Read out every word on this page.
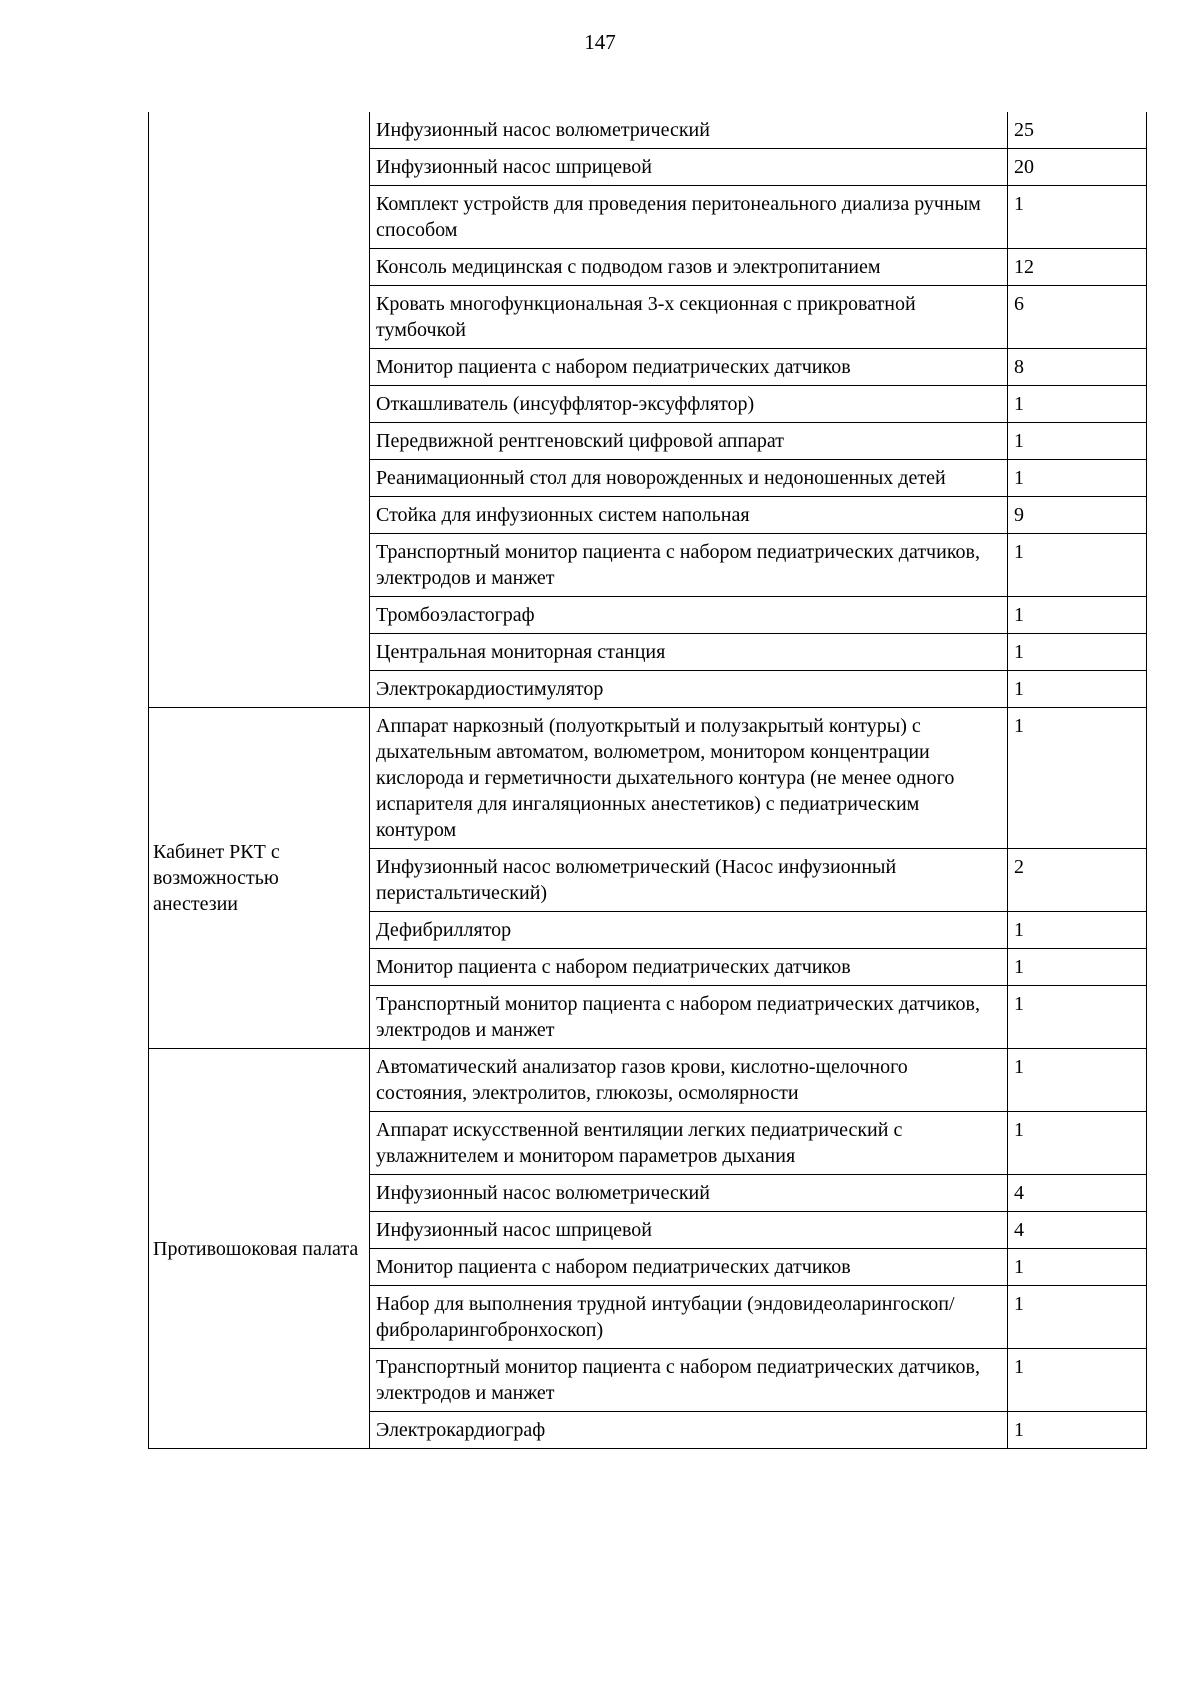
147
	Инфузионный насос волюметрический	25
	Инфузионный насос шприцевой	20
	Комплект устройств для проведения перитонеального диализа ручным способом	1
	Консоль медицинская с подводом газов и электропитанием	12
	Кровать многофункциональная 3-х секционная с прикроватной тумбочкой	6
	Монитор пациента с набором педиатрических датчиков	8
	Откашливатель (инсуффлятор-эксуффлятор)	1
	Передвижной рентгеновский цифровой аппарат	1
	Реанимационный стол для новорожденных и недоношенных детей	1
	Стойка для инфузионных систем напольная	9
	Транспортный монитор пациента с набором педиатрических датчиков, электродов и манжет	1
	Тромбоэластограф	1
	Центральная мониторная станция	1
	Электрокардиостимулятор	1
Кабинет РКТ с возможностью анестезии	Аппарат наркозный (полуоткрытый и полузакрытый контуры) с дыхательным автоматом, волюметром, монитором концентрации кислорода и герметичности дыхательного контура (не менее одного испарителя для ингаляционных анестетиков) с педиатрическим контуром	1
	Инфузионный насос волюметрический (Насос инфузионный перистальтический)	2
	Дефибриллятор	1
	Монитор пациента с набором педиатрических датчиков	1
	Транспортный монитор пациента с набором педиатрических датчиков, электродов и манжет	1
Противошоковая палата	Автоматический анализатор газов крови, кислотно-щелочного состояния, электролитов, глюкозы, осмолярности	1
	Аппарат искусственной вентиляции легких педиатрический с увлажнителем и монитором параметров дыхания	1
	Инфузионный насос волюметрический	4
	Инфузионный насос шприцевой	4
	Монитор пациента с набором педиатрических датчиков	1
	Набор для выполнения трудной интубации (эндовидеоларингоскоп/фиброларингобронхоскоп)	1
	Транспортный монитор пациента с набором педиатрических датчиков, электродов и манжет	1
	Электрокардиограф	1
